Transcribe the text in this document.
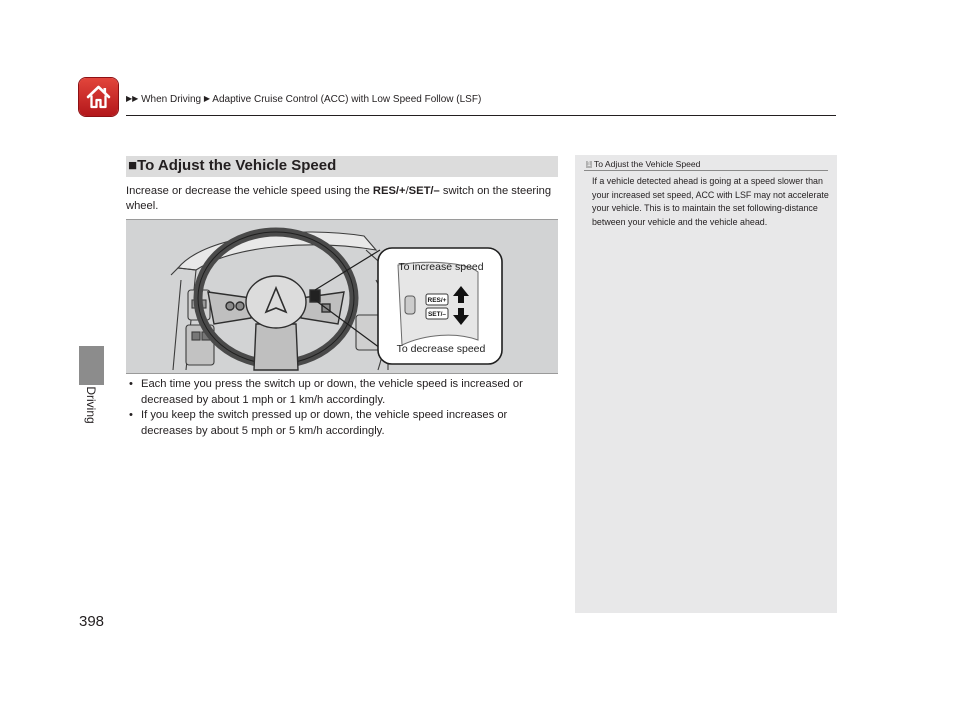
▶▶ When Driving ▶ Adaptive Cruise Control (ACC) with Low Speed Follow (LSF)
Driving
398
■To Adjust the Vehicle Speed
Increase or decrease the vehicle speed using the RES/+/SET/– switch on the steering wheel.
RES/+
SET/–
To increase speed
To decrease speed
• Each time you press the switch up or down, the vehicle speed is increased or decreased by about 1 mph or 1 km/h accordingly.
• If you keep the switch pressed up or down, the vehicle speed increases or decreases by about 5 mph or 5 km/h accordingly.
1 To Adjust the Vehicle Speed
If a vehicle detected ahead is going at a speed slower than your increased set speed, ACC with LSF may not accelerate your vehicle. This is to maintain the set following-distance between your vehicle and the vehicle ahead.
